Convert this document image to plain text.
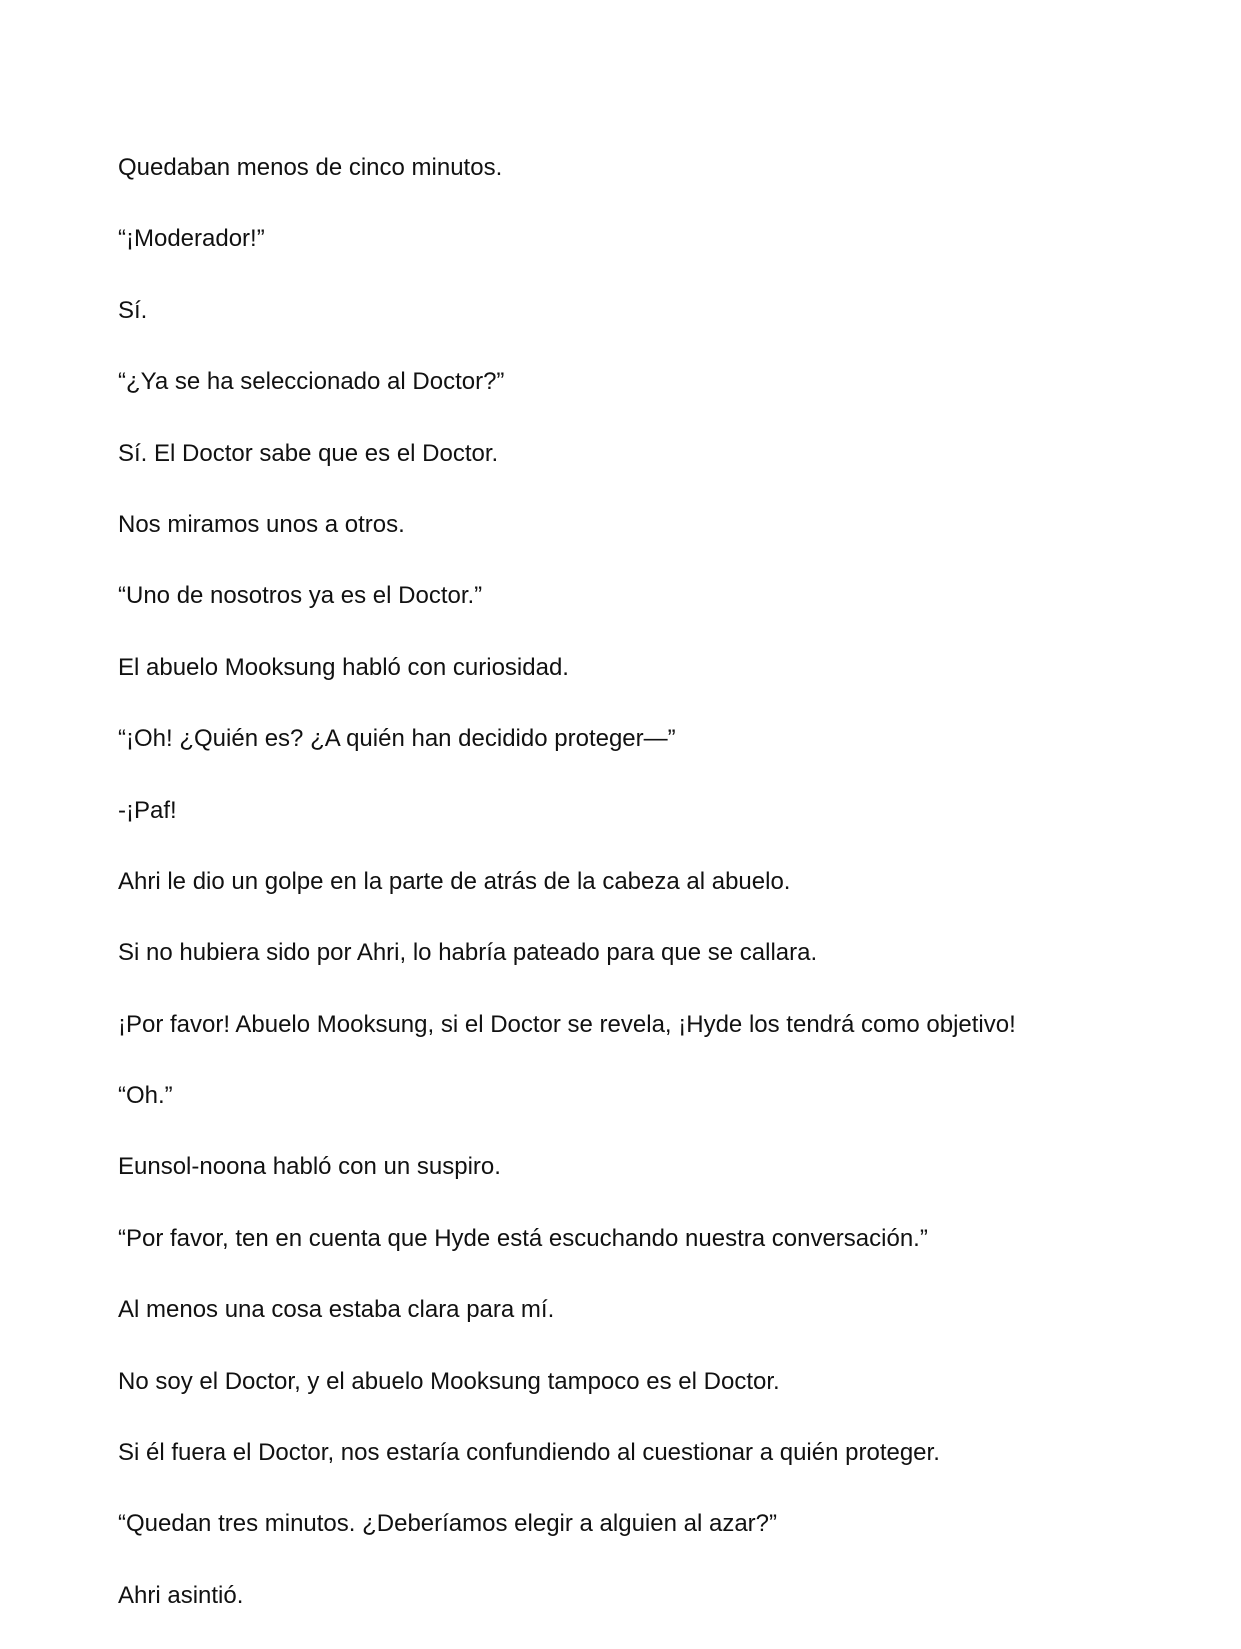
Quedaban menos de cinco minutos.

“¡Moderador!”

Sí.

“¿Ya se ha seleccionado al Doctor?”

Sí. El Doctor sabe que es el Doctor.

Nos miramos unos a otros.

“Uno de nosotros ya es el Doctor.”

El abuelo Mooksung habló con curiosidad.

“¡Oh! ¿Quién es? ¿A quién han decidido proteger—”

-¡Paf!

Ahri le dio un golpe en la parte de atrás de la cabeza al abuelo.

Si no hubiera sido por Ahri, lo habría pateado para que se callara.

¡Por favor! Abuelo Mooksung, si el Doctor se revela, ¡Hyde los tendrá como objetivo!

“Oh.”

Eunsol-noona habló con un suspiro.

“Por favor, ten en cuenta que Hyde está escuchando nuestra conversación.”

Al menos una cosa estaba clara para mí.

No soy el Doctor, y el abuelo Mooksung tampoco es el Doctor.

Si él fuera el Doctor, nos estaría confundiendo al cuestionar a quién proteger.

“Quedan tres minutos. ¿Deberíamos elegir a alguien al azar?”

Ahri asintió.
